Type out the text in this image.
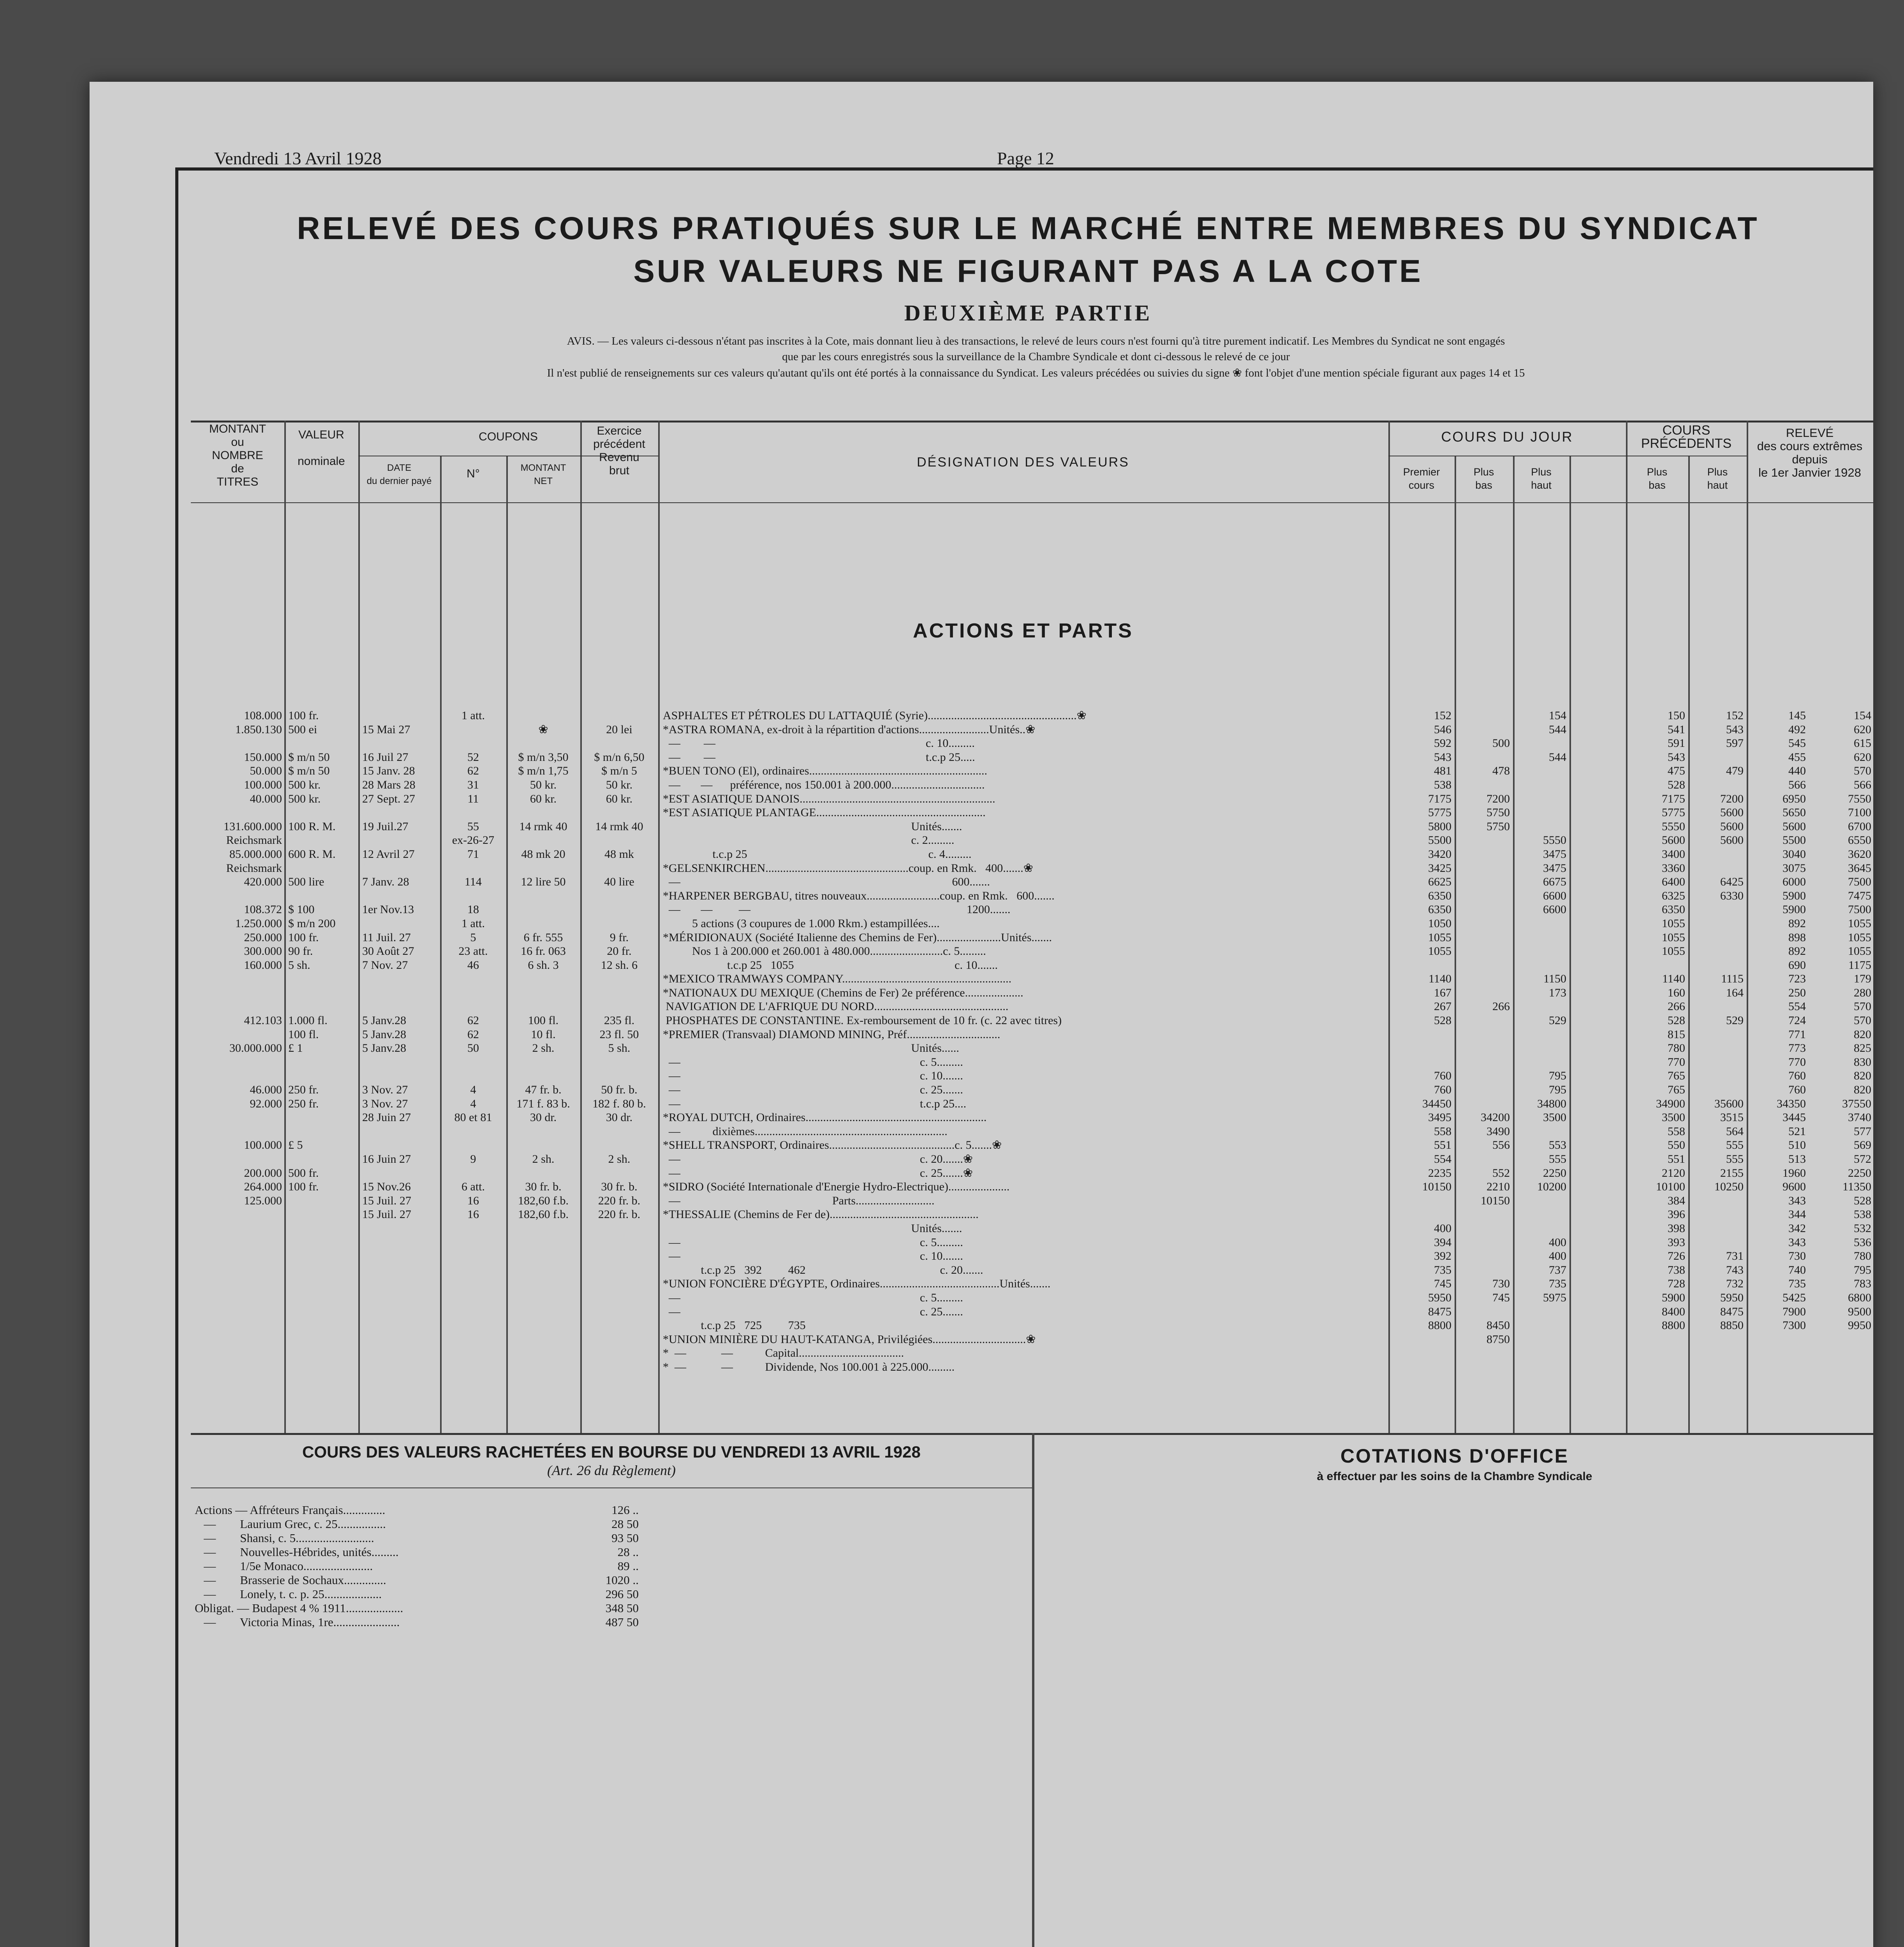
Vendredi 13 Avril 1928	Page 12
RELEVÉ DES COURS PRATIQUÉS SUR LE MARCHÉ ENTRE MEMBRES DU SYNDICAT
SUR VALEURS NE FIGURANT PAS A LA COTE
DEUXIÈME PARTIE
AVIS. — Les valeurs ci-dessous n'étant pas inscrites à la Cote, mais donnant lieu à des transactions, le relevé de leurs cours n'est fourni qu'à titre purement indicatif. Les Membres du Syndicat ne sont engagés
que par les cours enregistrés sous la surveillance de la Chambre Syndicale et dont ci-dessous le relevé de ce jour
Il n'est publié de renseignements sur ces valeurs qu'autant qu'ils ont été portés à la connaissance du Syndicat. Les valeurs précédées ou suivies du signe ❀ font l'objet d'une mention spéciale figurant aux pages 14 et 15
MONTANT
ou
NOMBRE
de
TITRES
VALEUR

nominale
COUPONS
DATE
du dernier payé
N°	MONTANT
NET
Exercice
précédent
Revenu
brut
DÉSIGNATION DES VALEURS
COURS DU JOUR
Premier
cours
Plus
bas
Plus
haut
COURS
PRÉCÉDENTS
Plus
bas
Plus
haut
RELEVÉ
des cours extrêmes
depuis
le 1er Janvier 1928
ACTIONS ET PARTS
108.000
1.850.130

150.000
50.000
100.000
40.000

131.600.000
Reichsmark
85.000.000
Reichsmark
420.000

108.372
1.250.000
250.000
300.000
160.000

412.103

30.000.000

46.000
92.000

100.000

200.000
264.000
125.000
100 fr.
500 ei

$ m/n 50
$ m/n 50
500 kr.
500 kr.

100 R. M.

600 R. M.

500 lire

$ 100
$ m/n 200
100 fr.
90 fr.
5 sh.

1.000 fl.
100 fl.
£ 1

250 fr.
250 fr.

£ 5

500 fr.
100 fr.

15 Mai 27

16 Juil 27
15 Janv. 28
28 Mars 28
27 Sept. 27

19 Juil.27

12 Avril 27

7 Janv. 28

1er Nov.13

11 Juil. 27
30 Août 27
7 Nov. 27

5 Janv.28
5 Janv.28
5 Janv.28

3 Nov. 27
3 Nov. 27
28 Juin 27

16 Juin 27

15 Nov.26
15 Juil. 27
15 Juil. 27
1 att.

52
62
31
11

55
ex-26-27
71

114

18
1 att.
5
23 att.
46

62
62
50

4
4
80 et 81

9

6 att.
16
16

❀

$ m/n 3,50
$ m/n 1,75
50 kr.
60 kr.

14 rmk 40

48 mk 20

12 lire 50

6 fr. 555
16 fr. 063
6 sh. 3

100 fl.
10 fl.
2 sh.

47 fr. b.
171 f. 83 b.
30 dr.

2 sh.

30 fr. b.
182,60 f.b.
182,60 f.b.

20 lei

$ m/n 6,50
$ m/n 5
50 kr.
60 kr.

14 rmk 40

48 mk

40 lire

9 fr.
20 fr.
12 sh. 6

235 fl.
23 fl. 50
5 sh.

50 fr. b.
182 f. 80 b.
30 dr.

2 sh.

30 fr. b.
220 fr. b.
220 fr. b.
ASPHALTES ET PÉTROLES DU LATTAQUIÉ (Syrie)...................................................❀
*ASTRA ROMANA, ex-droit à la répartition d'actions........................Unités..❀
—        —                                                                        c. 10.........
—        —                                                                        t.c.p 25.....
*BUEN TONO (El), ordinaires.............................................................
—       —      préférence, nos 150.001 à 200.000................................
*EST ASIATIQUE DANOIS...................................................................
*EST ASIATIQUE PLANTAGE..........................................................
Unités.......
c. 2.........
t.c.p 25                                                              c. 4.........
*GELSENKIRCHEN.................................................coup. en Rmk.   400.......❀
—                                                                                             600.......
*HARPENER BERGBAU, titres nouveaux.........................coup. en Rmk.   600.......
—       —         —                                                                          1200.......
5 actions (3 coupures de 1.000 Rkm.) estampillées....
*MÉRIDIONAUX (Société Italienne des Chemins de Fer)......................Unités.......
Nos 1 à 200.000 et 260.001 à 480.000.........................c. 5.........
t.c.p 25   1055                                                       c. 10.......
*MEXICO TRAMWAYS COMPANY..........................................................
*NATIONAUX DU MEXIQUE (Chemins de Fer) 2e préférence....................
NAVIGATION DE L'AFRIQUE DU NORD..............................................
PHOSPHATES DE CONSTANTINE. Ex-remboursement de 10 fr. (c. 22 avec titres)
*PREMIER (Transvaal) DIAMOND MINING, Préf................................
Unités......
—                                                                                  c. 5.........
—                                                                                  c. 10.......
—                                                                                  c. 25.......
—                                                                                  t.c.p 25....
*ROYAL DUTCH, Ordinaires..............................................................
—           dixièmes..................................................................
*SHELL TRANSPORT, Ordinaires...........................................c. 5.......❀
—                                                                                  c. 20.......❀
—                                                                                  c. 25.......❀
*SIDRO (Société Internationale d'Energie Hydro-Electrique).....................
—                                                    Parts...........................
*THESSALIE (Chemins de Fer de)...................................................
Unités.......
—                                                                                  c. 5.........
—                                                                                  c. 10.......
t.c.p 25   392         462                                              c. 20.......
*UNION FONCIÈRE D'ÉGYPTE, Ordinaires.........................................Unités.......
—                                                                                  c. 5.........
—                                                                                  c. 25.......
t.c.p 25   725         735
*UNION MINIÈRE DU HAUT-KATANGA, Privilégiées................................❀
*  —            —           Capital....................................
*  —            —           Dividende, Nos 100.001 à 225.000.........
152
546
592
543
481
538
7175
5775
5800
5500
3420
3425
6625
6350
6350
1050
1055
1055

1140
167
267
528

760
760
34450
3495
558
551
554
2235
10150

400
394
392
735
745
5950
8475
8800

500

478

7200
5750
5750

266

34200
3490
556

552
2210
10150

730
745

8450
8750
154
544

544

5550
3475
3475
6675
6600
6600

1150
173

529

795
795
34800
3500

553
555
2250
10200

400
400
737
735
5975
150
541
591
543
475
528
7175
5775
5550
5600
3400
3360
6400
6325
6350
1055
1055
1055

1140
160
266
528
815
780
770
765
765
34900
3500
558
550
551
2120
10100
384
396
398
393
726
738
728
5900
8400
8800
152
543
597

479

7200
5600
5600
5600

6425
6330

1115
164

529

35600
3515
564
555
555
2155
10250

731
743
732
5950
8475
8850
145
492
545
455
440
566
6950
5650
5600
5500
3040
3075
6000
5900
5900
892
898
892
690
723
250
554
724
771
773
770
760
760
34350
3445
521
510
513
1960
9600
343
344
342
343
730
740
735
5425
7900
7300
154
620
615
620
570
566
7550
7100
6700
6550
3620
3645
7500
7475
7500
1055
1055
1055
1175
179
280
570
570
820
825
830
820
820
37550
3740
577
569
572
2250
11350
528
538
532
536
780
795
783
6800
9500
9950
COURS DES VALEURS RACHETÉES EN BOURSE DU VENDREDI 13 AVRIL 1928
(Art. 26 du Règlement)
Actions — Affréteurs Français..............
—        Laurium Grec, c. 25................
—        Shansi, c. 5..........................
—        Nouvelles-Hébrides, unités.........
—        1/5e Monaco.......................
—        Brasserie de Sochaux..............
—        Lonely, t. c. p. 25...................
Obligat. — Budapest 4 % 1911...................
—        Victoria Minas, 1re......................
126 ..
28 50
93 50
28 ..
89 ..
1020 ..
296 50
348 50
487 50
COTATIONS D'OFFICE
à effectuer par les soins de la Chambre Syndicale
